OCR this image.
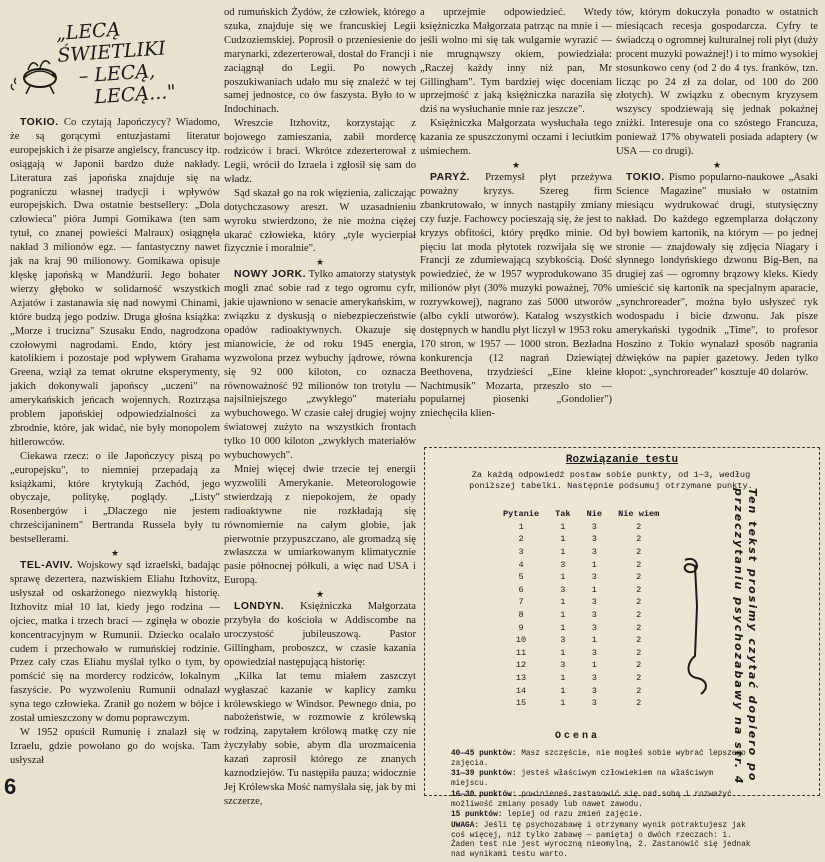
„LECĄ ŚWIETLIKI
– LECĄ,
LECĄ..."

TOKIO. Co czytają Japończycy? Wiadomo, że są gorącymi entuzjastami literatur europejskich i że pisarze angielscy, francuscy itp. osiągają w Japonii bardzo duże nakłady. Literatura zaś japońska znajduje się na pograniczu własnej tradycji i wpływów europejskich. Dwa ostatnie bestsellery: „Dola człowieca" pióra Jumpi Gomikawa (ten sam tytuł, co znanej powieści Malraux) osiągnęła nakład 3 milionów egz. — fantastyczny nawet jak na kraj 90 milionowy. Gomikawa opisuje klęskę japońską w Mandżurii. Jego bohater wierzy głęboko w solidarność wszystkich Azjatów i zastanawia się nad nowymi Chinami, które budzą jego podziw. Druga głośna książka: „Morze i trucizna" Szusaku Endo, nagrodzona czołowymi nagrodami. Endo, który jest katolikiem i pozostaje pod wpływem Grahama Greena, wziął za temat okrutne eksperymenty, jakich dokonywali japońscy „uczeni" na amerykańskich jeńcach wojennych. Roztrząsa problem japońskiej odpowiedzialności za zbrodnie, które, jak widać, nie były monopolem hitlerowców.

Ciekawa rzecz: o ile Japończycy piszą po „europejsku", to niemniej przepadają za książkami, które krytykują Zachód, jego obyczaje, politykę, poglądy. „Listy" Rosenbergów i „Dlaczego nie jestem chrześcijaninem" Bertranda Russela były tu bestsellerami.

★

TEL-AVIV. Wojskowy sąd izraelski, badając sprawę dezertera, nazwiskiem Eliahu Itzhovitz, usłyszał od oskarżonego niezwykłą historię. Itzhovitz miał 10 lat, kiedy jego rodzina — ojciec, matka i trzech braci — zginęła w obozie koncentracyjnym w Rumunii. Dziecko ocalało cudem i przechowało w rumuńskiej rodzinie. Przez cały czas Eliahu myślał tylko o tym, by pomścić się na mordercy rodziców, lokalnym faszyście. Po wyzwoleniu Rumunii odnalazł syna tego człowieka. Zranił go nożem w bójce i został umieszczony w domu poprawczym.

W 1952 opuścił Rumunię i znalazł się w Izraelu, gdzie powołano go do wojska. Tam usłyszał

6

od rumuńskich Żydów, że człowiek, którego szuka, znajduje się we francuskiej Legii Cudzoziemskiej. Poprosił o przeniesienie do marynarki, zdezerterował, dostał do Francji i zaciągnął do Legii. Po nowych poszukiwaniach udało mu się znaleźć w tej samej jednostce, co ów faszysta. Było to w Indochinach.

Wreszcie Itzhovitz, korzystając z bojowego zamieszania, zabił mordercę rodziców i braci. Wkrótce zdezerterował z Legii, wrócił do Izraela i zgłosił się sam do władz.

Sąd skazał go na rok więzienia, zaliczając dotychczasowy areszt. W uzasadnieniu wyroku stwierdzono, że nie można ciężej ukarać człowieka, który „tyle wycierpiał fizycznie i moralnie".

★

NOWY JORK. Tylko amatorzy statystyk mogli znać sobie rad z tego ogromu cyfr, jakie ujawniono w senacie amerykańskim, w związku z dyskusją o niebezpieczeństwie opadów radioaktywnych. Okazuje się mianowicie, że od roku 1945 energia, wyzwolona przez wybuchy jądrowe, równa się 92 000 kiloton, co oznacza równoważność 92 milionów ton trotylu — najsilniejszego „zwykłego" materiału wybuchowego. W czasie całej drugiej wojny światowej zużyto na wszystkich frontach tylko 10 000 kiloton „zwykłych materiałów wybuchowych".

Mniej więcej dwie trzecie tej energii wyzwolili Amerykanie. Meteorologowie stwierdzają z niepokojem, że opady radioaktywne nie rozkładają się równomiernie na całym globie, jak pierwotnie przypuszczano, ale gromadzą się zwłaszcza w umiarkowanym klimatycznie pasie północnej półkuli, a więc nad USA i Europą.

★

LONDYN. Księżniczka Małgorzata przybyła do kościoła w Addiscombe na uroczystość jubileuszową. Pastor Gillingham, proboszcz, w czasie kazania opowiedział następującą historię:

„Kilka lat temu miałem zaszczyt wygłaszać kazanie w kaplicy zamku królewskiego w Windsor. Pewnego dnia, po nabożeństwie, w rozmowie z królewską rodziną, zapytałem królową matkę czy nie życzyłaby sobie, abym dla urozmaicenia kazań zaprosił którego ze znanych kaznodziejów. Tu następiła pauza; widocznie Jej Królewska Mość namyślała się, jak by mi szczerze,

a uprzejmie odpowiedzieć. Wtedy księżniczka Małgorzata patrząc na mnie i — jeśli wolno mi się tak wulgarnie wyrazić — nie mrugnąwszy okiem, powiedziała: „Raczej każdy inny niż pan, Mr Gillingham". Tym bardziej więc doceniam uprzejmość z jaką księżniczka naraziła się dziś na wysłuchanie mnie raz jeszcze".

Księżniczka Małgorzata wysłuchała tego kazania ze spuszczonymi oczami i leciutkim uśmiechem.

★

PARYŻ. Przemysł płyt przeżywa poważny kryzys. Szereg firm zbankrutowało, w innych nastąpiły zmiany czy fuzje. Fachowcy pocieszają się, że jest to kryzys obfitości, który prędko minie. Od pięciu lat moda płytotek rozwijała się we Francji ze zdumiewającą szybkością. Dość powiedzieć, że w 1957 wyprodukowano 35 milionów płyt (30% muzyki poważnej, 70% rozrywkowej), nagrano zaś 5000 utworów (albo cykli utworów). Katalog wszystkich dostępnych w handlu płyt liczył w 1953 roku 170 stron, w 1957 — 1000 stron. Bezładna konkurencja (12 nagrań Dziewiątej Beethovena, trzydzieści „Eine kleine Nachtmusik" Mozarta, przeszło sto — popularnej piosenki „Gondolier") zniechęciła klien-

tów, którym dokuczyła ponadto w ostatnich miesiącach recesja gospodarcza. Cyfry te świadczą o ogromnej kulturalnej roli płyt (duży procent muzyki poważnej!) i to mimo wysokiej stosunkowo ceny (od 2 do 4 tys. franków, tzn. licząc po 24 zł za dolar, od 100 do 200 złotych). W związku z obecnym kryzysem wszyscy spodziewają się jednak pokaźnej zniżki. Interesuje ona co szóstego Francuza, ponieważ 17% obywateli posiada adaptery (w USA — co drugi).

★

TOKIO. Pismo popularno-naukowe „Asaki Science Magazine" musiało w ostatnim miesiącu wydrukować drugi, stutysięczny nakład. Do każdego egzemplarza dołączony był bowiem kartonik, na którym — po jednej stronie — znajdowały się zdjęcia Niagary i słynnego londyńskiego dzwonu Big-Ben, na drugiej zaś — ogromny brązowy kleks. Kiedy umieścić się kartonik na specjalnym aparacie, „synchroreader", można było usłyszeć ryk wodospadu i bicie dzwonu. Jak pisze amerykański tygodnik „Time", to profesor Hoszino z Tokio wynalazł sposób nagrania dźwięków na papier gazetowy. Jeden tylko kłopot: „synchroreader" kosztuje 40 dolarów.

Rozwiązanie testu
Za każdą odpowiedź postaw sobie punkty, od 1—3, według poniższej tabelki. Następnie podsumuj otrzymane punkty.
Pytanie	Tak	Nie	Nie wiem
1	1	3	2
2	1	3	2
3	1	3	2
4	3	1	2
5	1	3	2
6	3	1	2
7	1	3	2
8	1	3	2
9	1	3	2
10	3	1	2
11	1	3	2
12	3	1	2
13	1	3	2
14	1	3	2
15	1	3	2	Ten tekst prosimy czytać dopiero po przeczytaniu psychozabawy na str. 4
Ocena

40—45 punktów: Masz szczęście, nie mogłeś sobie wybrać lepszego zajęcia.

31—39 punktów: jesteś właściwym człowiekiem na właściwym miejscu.

16—30 punktów: powinieneś zastanowić się nad sobą i rozważyć możliwość zmiany posady lub nawet zawodu.

15 punktów: lepiej od razu zmień zajęcie.

UWAGA: Jeśli tę psychozabawę i otrzymany wynik potraktujesz jak coś więcej, niż tylko zabawę — pamiętaj o dwóch rzeczach: 1. Żaden test nie jest wyroczną nieomylną, 2. Zastanowić się jednak nad wynikami testu warto.
